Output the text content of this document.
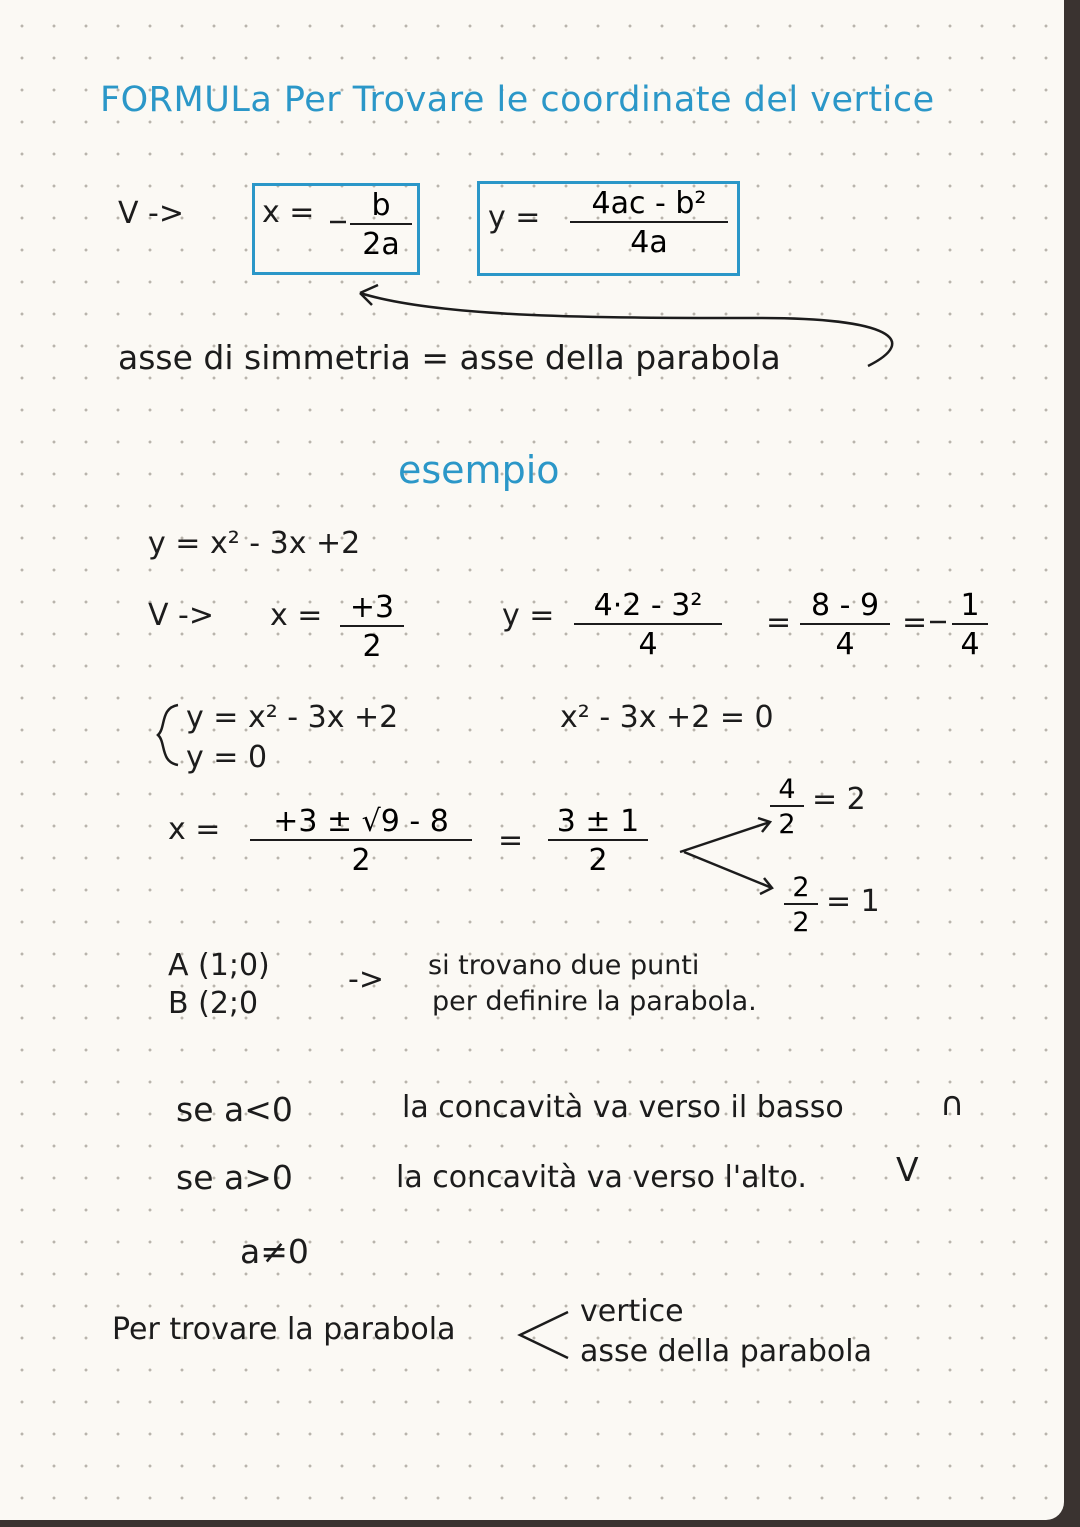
=	=
=
FORMULa Per Trovare le coordinate del vertice
V ->	$x = \frac{b}{2a}$	$y = \frac{\text{4ac - b²}}{4a}$
asse di simmetria = asse della parabola
esempio
y = x² - 3x +2
$V -> x = \frac{+3}{2}$	$y = \frac{\text{4·2 - 3²}}{4}$	$\frac{8 - 9}{4} \frac{1}{4}$
y = x² - 3x +2
y = 0
x² - 3x +2 = 0
$x = \frac{+3 \pm √9 - 8}{2}$	$\frac{3 \pm 1}{2}$	$\frac{4}{2} = 2$
$\frac{2}{2} = 1$
A (1;0)
B (2;0
-> si trovano due punti
per definire la parabola.
se a<0	la concavità va verso il basso	∩
se a>0	la concavità va verso l'alto.	V
a≠0
Per trovare la parabola
vertice
asse della parabola
